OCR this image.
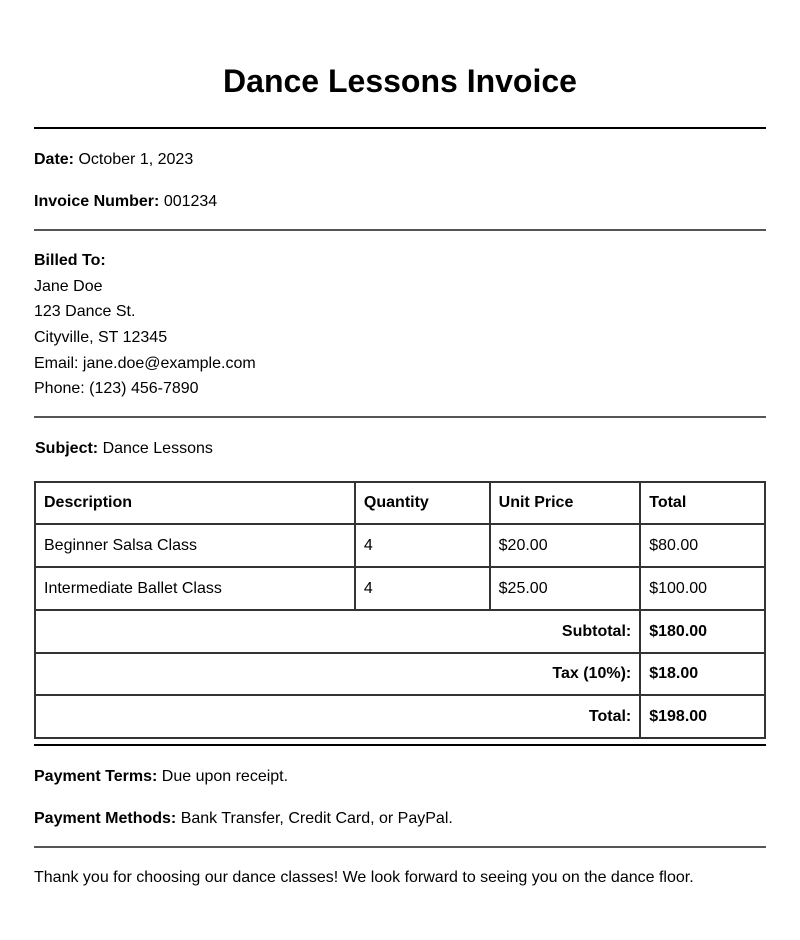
Dance Lessons Invoice
Date: October 1, 2023
Invoice Number: 001234
Billed To:
Jane Doe
123 Dance St.
Cityville, ST 12345
Email: jane.doe@example.com
Phone: (123) 456-7890
Subject: Dance Lessons
Description	Quantity	Unit Price	Total
Beginner Salsa Class	4	$20.00	$80.00
Intermediate Ballet Class	4	$25.00	$100.00
Subtotal:			$180.00
Tax (10%):			$18.00
Total:			$198.00
Payment Terms: Due upon receipt.
Payment Methods: Bank Transfer, Credit Card, or PayPal.
Thank you for choosing our dance classes! We look forward to seeing you on the dance floor.
